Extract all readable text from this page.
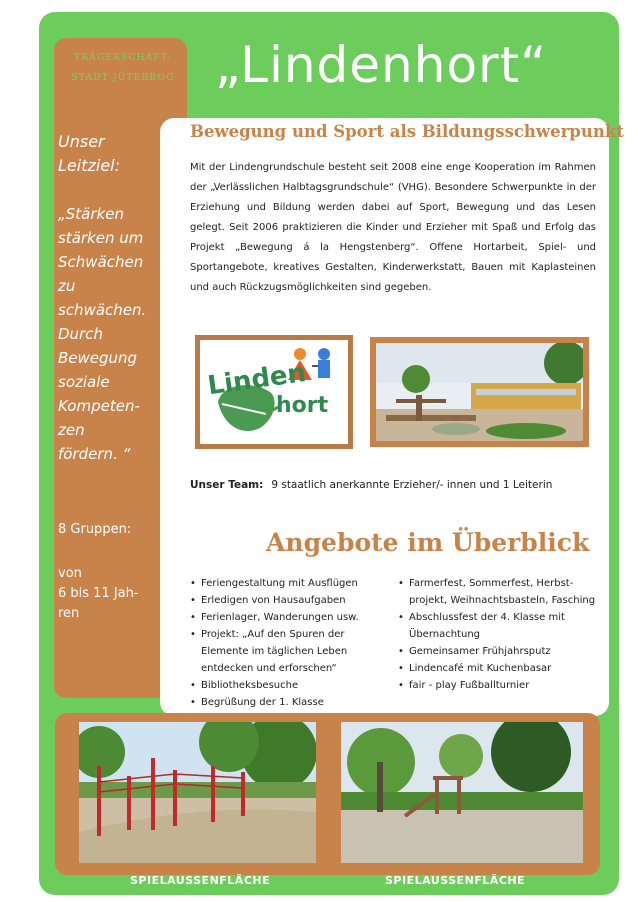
TRÄGERSCHAFT:
STADT JÜTERBOG
Unser
Leitziel:
„Stärken
stärken um
Schwächen
zu
schwächen.
Durch
Bewegung
soziale
Kompeten-
zen
fördern. “
8 Gruppen:
von
6 bis 11 Jah-
ren
„Lindenhort“
Bewegung und Sport als Bildungsschwerpunkt
Mit der Lindengrundschule besteht seit 2008 eine enge Kooperation im Rahmen der „Verlässlichen Halbtagsgrundschule“ (VHG). Besondere Schwerpunkte in der Erziehung und Bildung werden dabei auf Sport, Bewegung und das Lesen gelegt. Seit 2006 praktizieren die Kinder und Erzieher mit Spaß und Erfolg das Projekt „Bewegung á la Hengstenberg“. Offene Hortarbeit, Spiel- und Sportangebote, kreatives Gestalten, Kinderwerkstatt, Bauen mit Kaplasteinen und auch Rückzugsmöglichkeiten sind gegeben.
Linden
hort
Unser Team: 9 staatlich anerkannte Erzieher/- innen und 1 Leiterin
Angebote im Überblick
• Feriengestaltung mit Ausflügen
• Erledigen von Hausaufgaben
• Ferienlager, Wanderungen usw.
• Projekt: „Auf den Spuren der Elemente im täglichen Leben entdecken und erforschen“
• Bibliotheksbesuche
• Begrüßung der 1. Klasse
• Farmerfest, Sommerfest, Herbst-projekt, Weihnachtsbasteln, Fasching
• Abschlussfest der 4. Klasse mit Übernachtung
• Gemeinsamer Frühjahrsputz
• Lindencafé mit Kuchenbasar
• fair - play Fußballturnier
SPIELAUSSENFLÄCHE	SPIELAUSSENFLÄCHE
